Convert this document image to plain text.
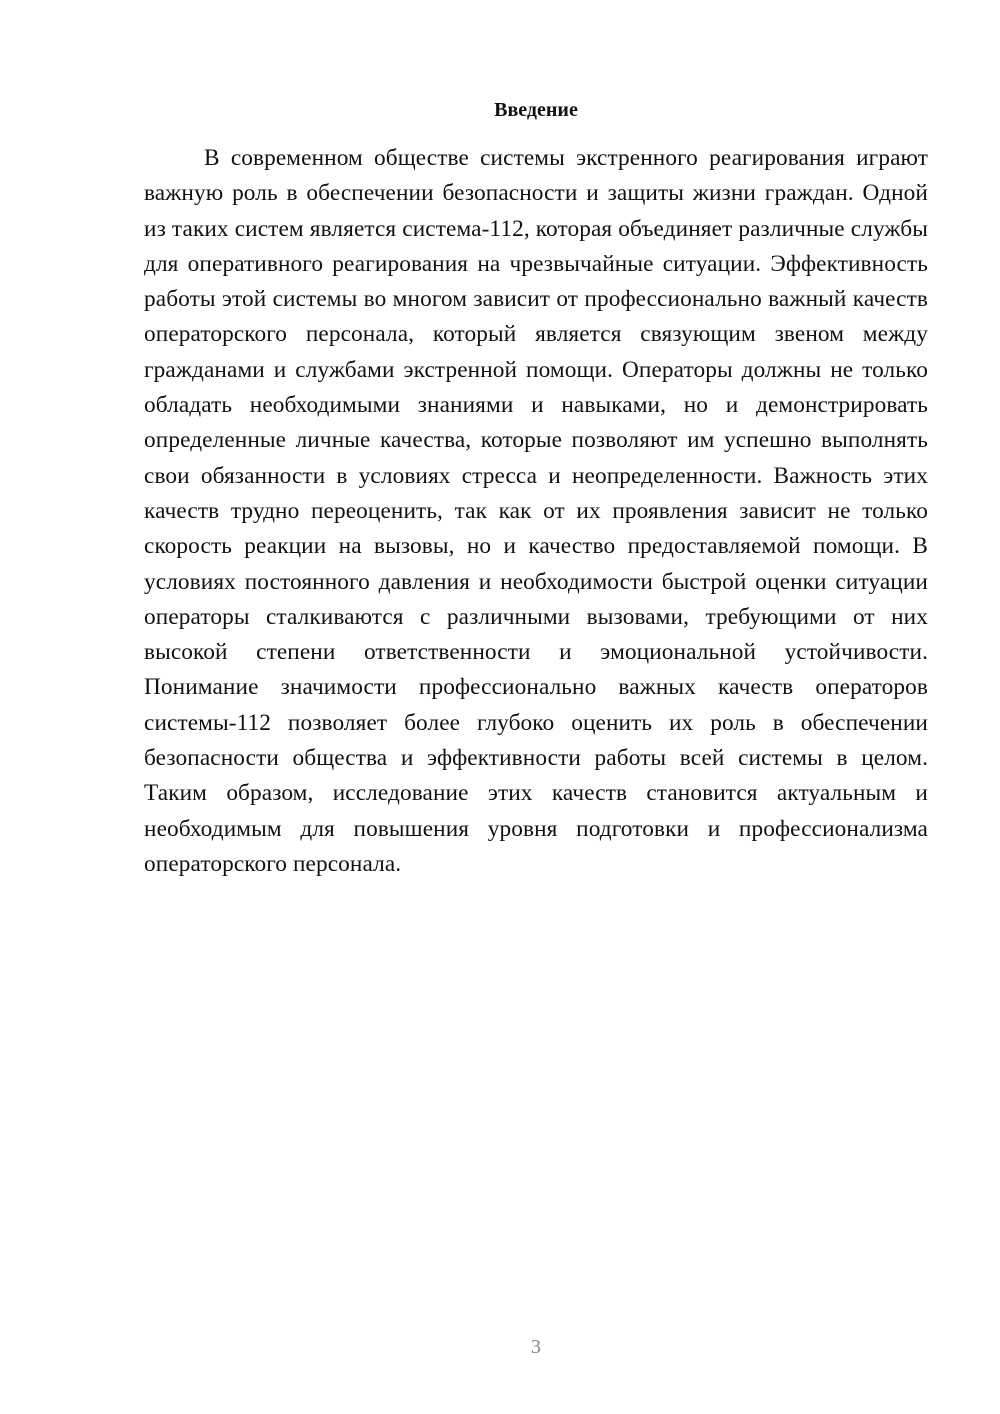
Введение

В современном обществе системы экстренного реагирования играют важную роль в обеспечении безопасности и защиты жизни граждан. Одной из таких систем является система-112, которая объединяет различные службы для оперативного реагирования на чрезвычайные ситуации. Эффективность работы этой системы во многом зависит от профессионально важный качеств операторского персонала, который является связующим звеном между гражданами и службами экстренной помощи. Операторы должны не только обладать необходимыми знаниями и навыками, но и демонстрировать определенные личные качества, которые позволяют им успешно выполнять свои обязанности в условиях стресса и неопределенности. Важность этих качеств трудно переоценить, так как от их проявления зависит не только скорость реакции на вызовы, но и качество предоставляемой помощи. В условиях постоянного давления и необходимости быстрой оценки ситуации операторы сталкиваются с различными вызовами, требующими от них высокой степени ответственности и эмоциональной устойчивости. Понимание значимости профессионально важных качеств операторов системы-112 позволяет более глубоко оценить их роль в обеспечении безопасности общества и эффективности работы всей системы в целом. Таким образом, исследование этих качеств становится актуальным и необходимым для повышения уровня подготовки и профессионализма операторского персонала.

3
